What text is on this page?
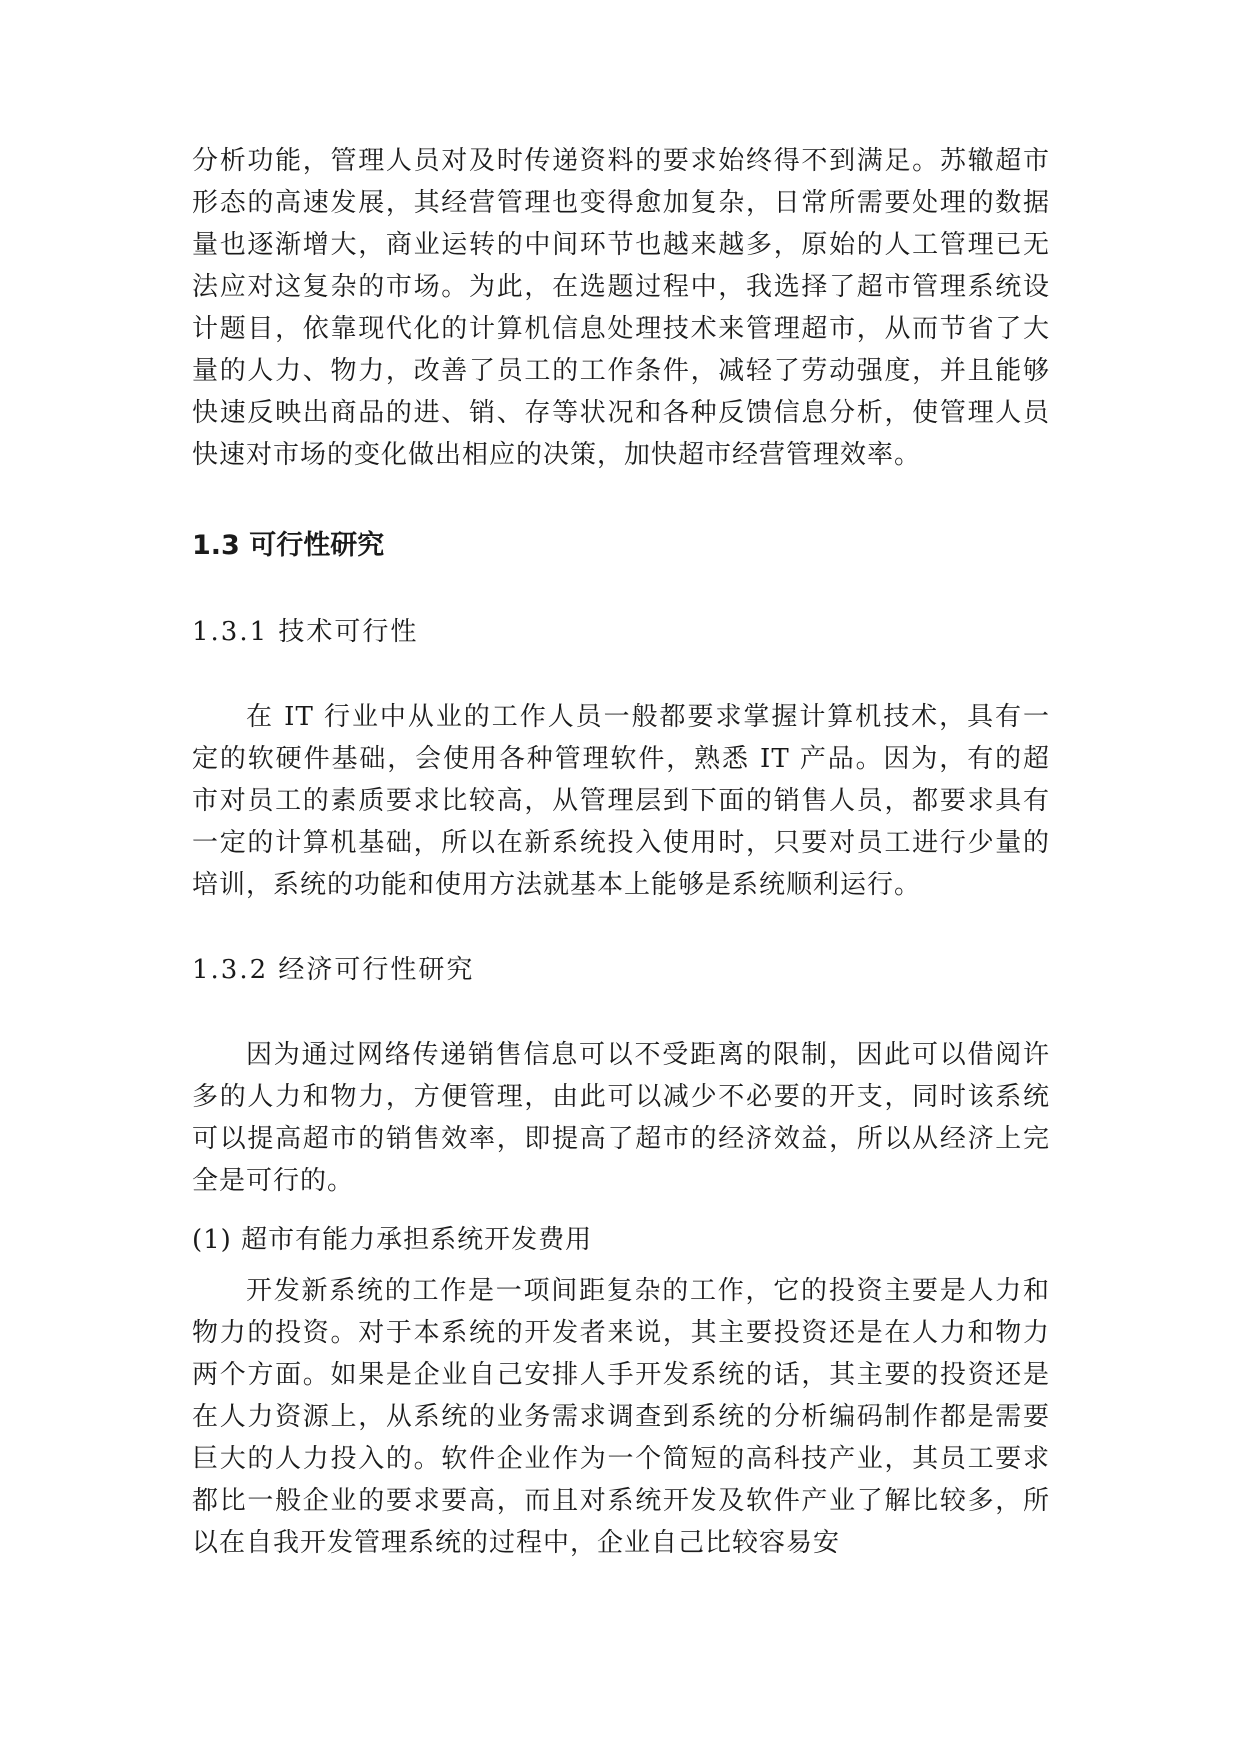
分析功能，管理人员对及时传递资料的要求始终得不到满足。苏辙超市形态的高速发展，其经营管理也变得愈加复杂，日常所需要处理的数据量也逐渐增大，商业运转的中间环节也越来越多，原始的人工管理已无法应对这复杂的市场。为此，在选题过程中，我选择了超市管理系统设计题目，依靠现代化的计算机信息处理技术来管理超市，从而节省了大量的人力、物力，改善了员工的工作条件，减轻了劳动强度，并且能够快速反映出商品的进、销、存等状况和各种反馈信息分析，使管理人员快速对市场的变化做出相应的决策，加快超市经营管理效率。

1.3 可行性研究

1.3.1 技术可行性

在 IT 行业中从业的工作人员一般都要求掌握计算机技术，具有一定的软硬件基础，会使用各种管理软件，熟悉 IT 产品。因为，有的超市对员工的素质要求比较高，从管理层到下面的销售人员，都要求具有一定的计算机基础，所以在新系统投入使用时，只要对员工进行少量的培训，系统的功能和使用方法就基本上能够是系统顺利运行。

1.3.2 经济可行性研究

因为通过网络传递销售信息可以不受距离的限制，因此可以借阅许多的人力和物力，方便管理，由此可以减少不必要的开支，同时该系统可以提高超市的销售效率，即提高了超市的经济效益，所以从经济上完全是可行的。

(1) 超市有能力承担系统开发费用

开发新系统的工作是一项间距复杂的工作，它的投资主要是人力和物力的投资。对于本系统的开发者来说，其主要投资还是在人力和物力两个方面。如果是企业自己安排人手开发系统的话，其主要的投资还是在人力资源上，从系统的业务需求调查到系统的分析编码制作都是需要巨大的人力投入的。软件企业作为一个简短的高科技产业，其员工要求都比一般企业的要求要高，而且对系统开发及软件产业了解比较多，所以在自我开发管理系统的过程中，企业自己比较容易安
